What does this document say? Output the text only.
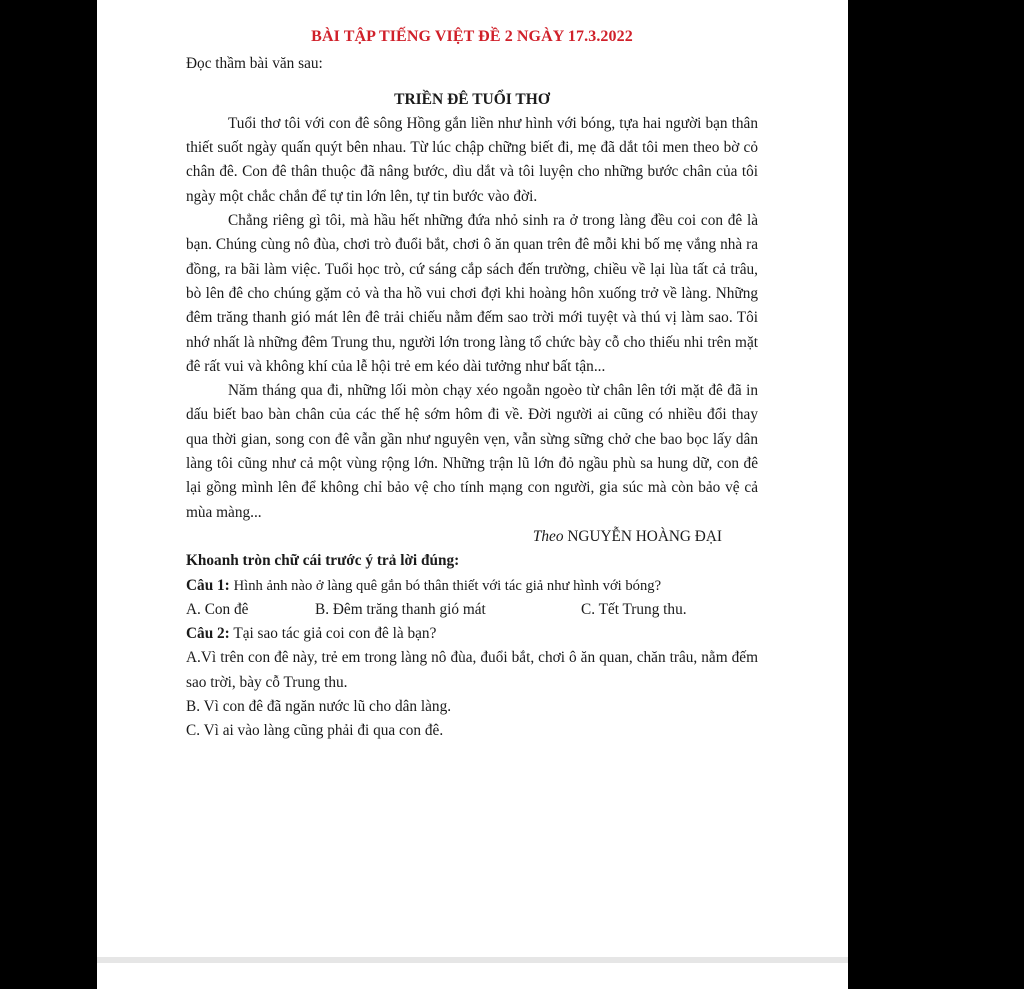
BÀI TẬP TIẾNG VIỆT ĐỀ 2 NGÀY 17.3.2022

Đọc thầm bài văn sau:

TRIỀN ĐÊ TUỔI THƠ

Tuổi thơ tôi với con đê sông Hồng gắn liền như hình với bóng, tựa hai người bạn thân thiết suốt ngày quấn quýt bên nhau. Từ lúc chập chững biết đi, mẹ đã dắt tôi men theo bờ cỏ chân đê. Con đê thân thuộc đã nâng bước, dìu dắt và tôi luyện cho những bước chân của tôi ngày một chắc chắn để tự tin lớn lên, tự tin bước vào đời.

Chẳng riêng gì tôi, mà hầu hết những đứa nhỏ sinh ra ở trong làng đều coi con đê là bạn. Chúng cùng nô đùa, chơi trò đuổi bắt, chơi ô ăn quan trên đê mỗi khi bố mẹ vắng nhà ra đồng, ra bãi làm việc. Tuổi học trò, cứ sáng cắp sách đến trường, chiều về lại lùa tất cả trâu, bò lên đê cho chúng gặm cỏ và tha hồ vui chơi đợi khi hoàng hôn xuống trở về làng. Những đêm trăng thanh gió mát lên đê trải chiếu nằm đếm sao trời mới tuyệt và thú vị làm sao. Tôi nhớ nhất là những đêm Trung thu, người lớn trong làng tổ chức bày cỗ cho thiếu nhi trên mặt đê rất vui và không khí của lễ hội trẻ em kéo dài tưởng như bất tận...

Năm tháng qua đi, những lối mòn chạy xéo ngoằn ngoèo từ chân lên tới mặt đê đã in dấu biết bao bàn chân của các thế hệ sớm hôm đi về. Đời người ai cũng có nhiều đổi thay qua thời gian, song con đê vẫn gần như nguyên vẹn, vẫn sừng sững chở che bao bọc lấy dân làng tôi cũng như cả một vùng rộng lớn. Những trận lũ lớn đỏ ngầu phù sa hung dữ, con đê lại gồng mình lên để không chỉ bảo vệ cho tính mạng con người, gia súc mà còn bảo vệ cả mùa màng...

Theo NGUYỄN HOÀNG ĐẠI

Khoanh tròn chữ cái trước ý trả lời đúng:

Câu 1: Hình ảnh nào ở làng quê gắn bó thân thiết với tác giả như hình với bóng?

A. Con đê	B. Đêm trăng thanh gió mát	C. Tết Trung thu.

Câu 2: Tại sao tác giả coi con đê là bạn?

A.Vì trên con đê này, trẻ em trong làng nô đùa, đuổi bắt, chơi ô ăn quan, chăn trâu, nằm đếm sao trời, bày cỗ Trung thu.

B. Vì con đê đã ngăn nước lũ cho dân làng.

C. Vì ai vào làng cũng phải đi qua con đê.
